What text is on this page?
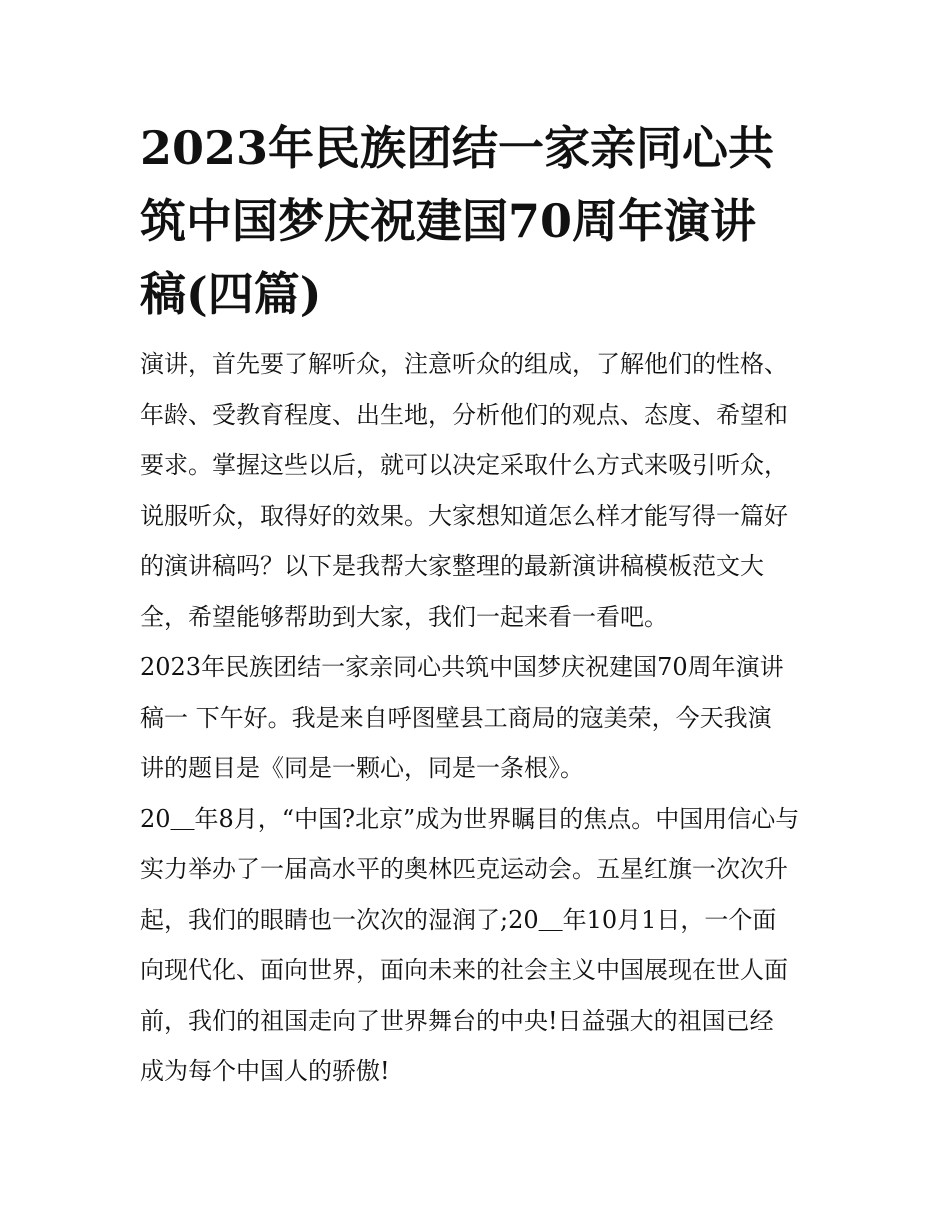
2023年民族团结一家亲同心共
筑中国梦庆祝建国70周年演讲
稿(四篇)

演讲，首先要了解听众，注意听众的组成，了解他们的性格、
年龄、受教育程度、出生地，分析他们的观点、态度、希望和
要求。掌握这些以后，就可以决定采取什么方式来吸引听众，
说服听众，取得好的效果。大家想知道怎么样才能写得一篇好
的演讲稿吗？以下是我帮大家整理的最新演讲稿模板范文大
全，希望能够帮助到大家，我们一起来看一看吧。

2023年民族团结一家亲同心共筑中国梦庆祝建国70周年演讲
稿一 下午好。我是来自呼图壁县工商局的寇美荣，今天我演
讲的题目是《同是一颗心，同是一条根》。

20＿年8月，“中国?北京”成为世界瞩目的焦点。中国用信心与
实力举办了一届高水平的奥林匹克运动会。五星红旗一次次升
起，我们的眼睛也一次次的湿润了;20＿年10月1日，一个面
向现代化、面向世界，面向未来的社会主义中国展现在世人面
前，我们的祖国走向了世界舞台的中央!日益强大的祖国已经
成为每个中国人的骄傲!
